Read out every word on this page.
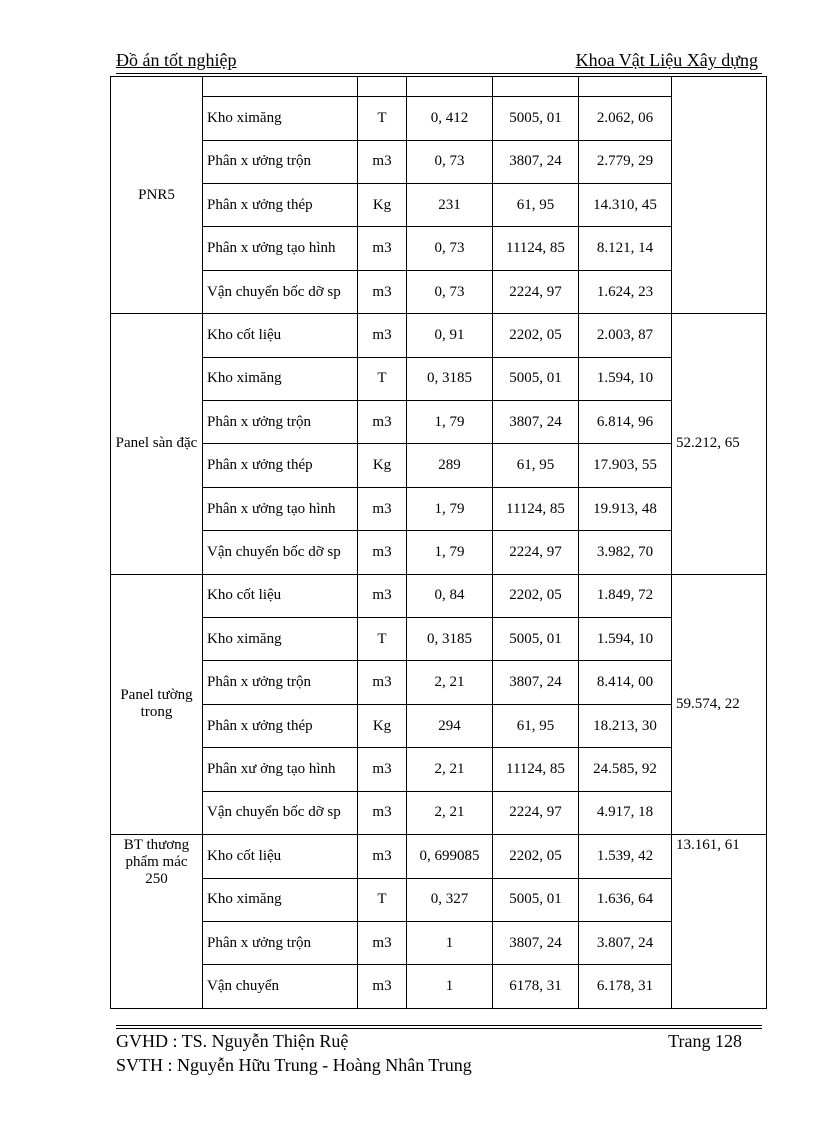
Đồ án tốt nghiệp	Khoa Vật Liệu Xây dựng
PNR5						
	Kho ximăng	T	0, 412	5005, 01	2.062, 06	
	Phân x ưởng trộn	m3	0, 73	3807, 24	2.779, 29	
	Phân x ưởng thép	Kg	231	61, 95	14.310, 45	
	Phân x ưởng tạo hình	m3	0, 73	11124, 85	8.121, 14	
	Vận chuyển bốc dỡ sp	m3	0, 73	2224, 97	1.624, 23	
Panel sàn đặc	Kho cốt liệu	m3	0, 91	2202, 05	2.003, 87	52.212, 65
	Kho ximăng	T	0, 3185	5005, 01	1.594, 10	
	Phân x ưởng trộn	m3	1, 79	3807, 24	6.814, 96	
	Phân x ưởng thép	Kg	289	61, 95	17.903, 55	
	Phân x ưởng tạo hình	m3	1, 79	11124, 85	19.913, 48	
	Vận chuyển bốc dỡ sp	m3	1, 79	2224, 97	3.982, 70	
Panel tường trong	Kho cốt liệu	m3	0, 84	2202, 05	1.849, 72	59.574, 22
	Kho ximăng	T	0, 3185	5005, 01	1.594, 10	
	Phân x ưởng trộn	m3	2, 21	3807, 24	8.414, 00	
	Phân x ưởng thép	Kg	294	61, 95	18.213, 30	
	Phân xư ởng tạo hình	m3	2, 21	11124, 85	24.585, 92	
	Vận chuyển bốc dỡ sp	m3	2, 21	2224, 97	4.917, 18	
BT thương phẩm mác 250	Kho cốt liệu	m3	0, 699085	2202, 05	1.539, 42	13.161, 61
	Kho ximăng	T	0, 327	5005, 01	1.636, 64	
	Phân x ưởng trộn	m3	1	3807, 24	3.807, 24	
	Vận chuyển	m3	1	6178, 31	6.178, 31	
GVHD : TS. Nguyễn Thiện Ruệ	Trang 128
SVTH : Nguyễn Hữu Trung - Hoàng Nhân Trung
